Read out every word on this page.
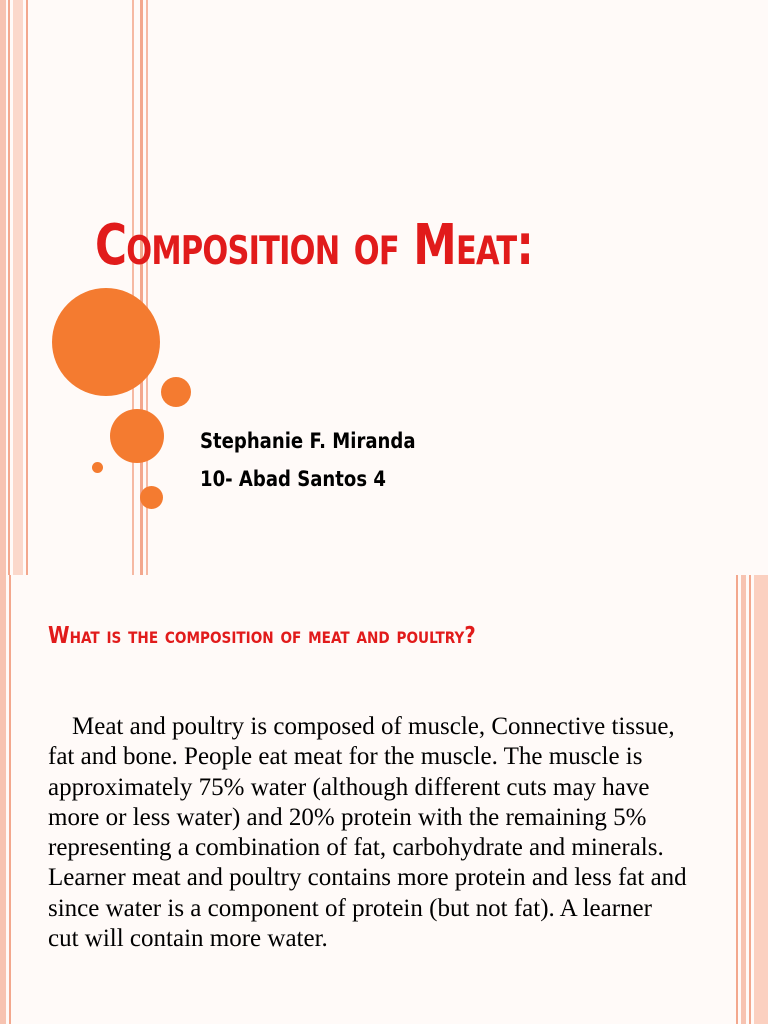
Composition of Meat:
Stephanie F. Miranda
10- Abad Santos 4
What is the composition of meat and poultry?

Meat and poultry is composed of muscle, Connective tissue, fat and bone. People eat meat for the muscle. The muscle is approximately 75% water (although different cuts may have more or less water) and 20% protein with the remaining 5% representing a combination of fat, carbohydrate and minerals. Learner meat and poultry contains more protein and less fat and since water is a component of protein (but not fat). A learner cut will contain more water.
